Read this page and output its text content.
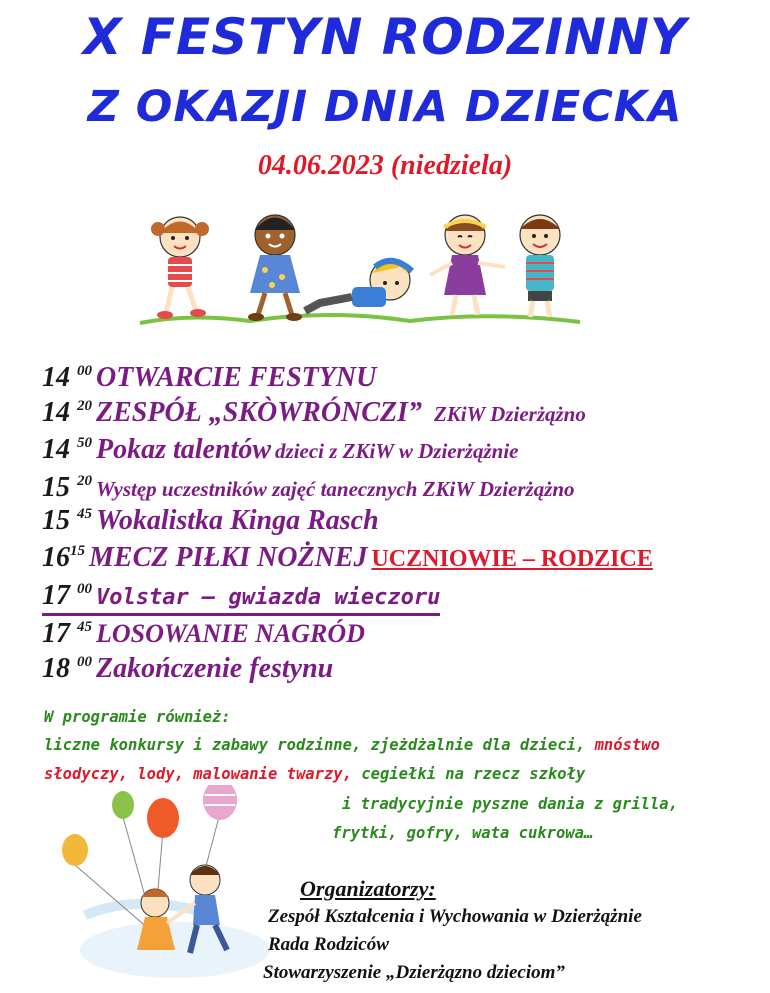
X FESTYN RODZINNY
Z OKAZJI DNIA DZIECKA
04.06.2023 (niedziela)
14 $^{00}$ OTWARCIE FESTYNU
14 $^{20}$ ZESPÓŁ „SKÒWRÓNCZI” ZKiW Dzierżążno
14 $^{50}$ Pokaz talentów dzieci z ZKiW w Dzierżążnie
15 $^{20}$ Występ uczestników zajęć tanecznych ZKiW Dzierżążno
15 $^{45}$ Wokalistka Kinga Rasch
$16^{15}$ MECZ PIŁKI NOŻNEJ UCZNIOWIE – RODZICE
17 $^{00}$ Volstar – gwiazda wieczoru
17 $^{45}$ LOSOWANIE NAGRÓD
18 $^{00}$ Zakończenie festynu
W programie również:
liczne konkursy i zabawy rodzinne, zjeżdżalnie dla dzieci, mnóstwo
słodyczy, lody, malowanie twarzy, cegiełki na rzecz szkoły
i tradycyjnie pyszne dania z grilla,
frytki, gofry, wata cukrowa…
Organizatorzy:
Zespół Kształcenia i Wychowania w Dzierżążnie
Rada Rodziców
Stowarzyszenie „Dzierżązno dzieciom”
